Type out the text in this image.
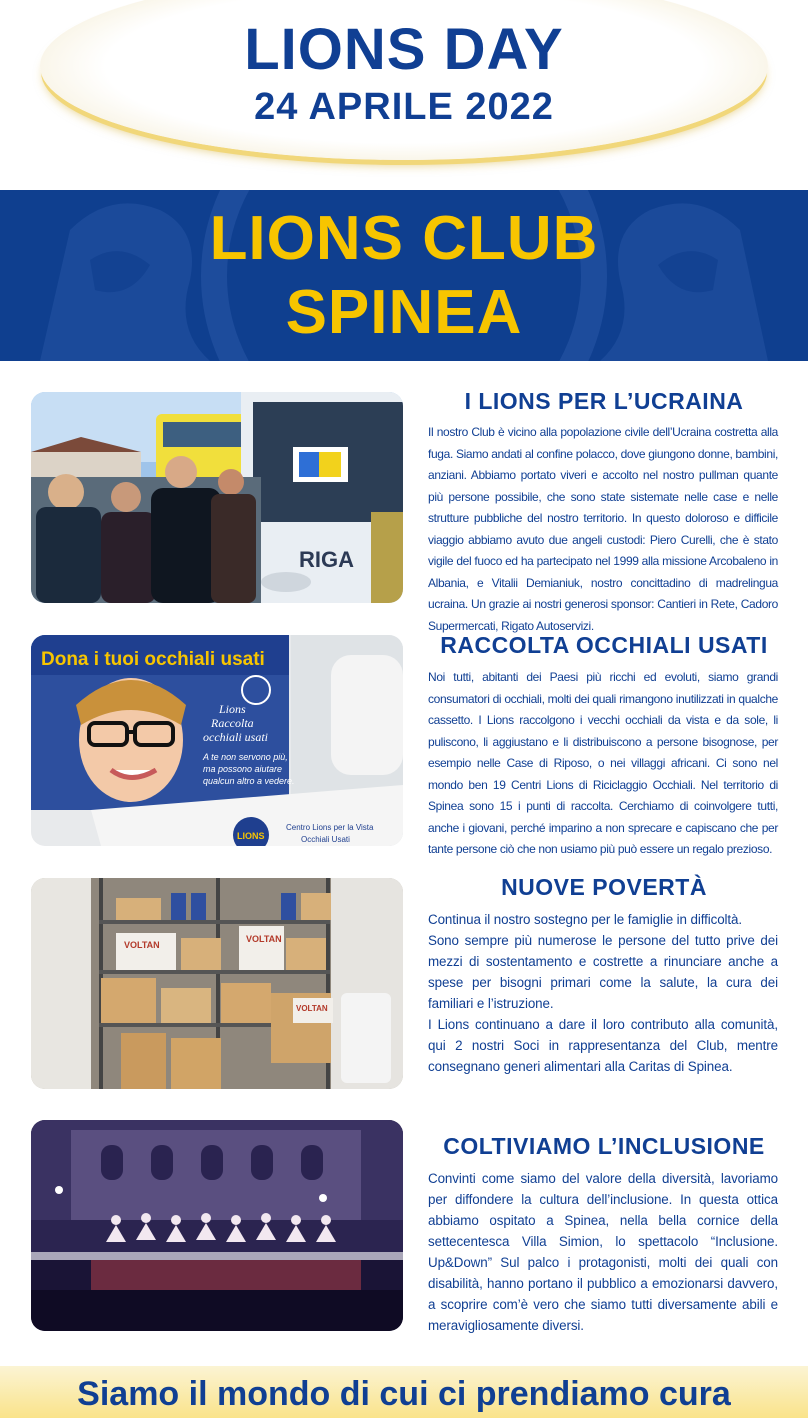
LIONS DAY
24 APRILE 2022
LIONS CLUB
SPINEA
RIGA
I LIONS PER L’UCRAINA
Il nostro Club è vicino alla popolazione civile dell’Ucraina costretta alla fuga. Siamo andati al confine polacco, dove giungono donne, bambini, anziani. Abbiamo portato viveri e accolto nel nostro pullman quante più persone possibile, che sono state sistemate nelle case e nelle strutture pubbliche del nostro territorio. In questo doloroso e difficile viaggio abbiamo avuto due angeli custodi: Piero Curelli, che è stato vigile del fuoco ed ha partecipato nel 1999 alla missione Arcobaleno in Albania, e Vitalii Demianiuk, nostro concittadino di madrelingua ucraina. Un grazie ai nostri generosi sponsor: Cantieri in Rete, Cadoro Supermercati, Rigato Autoservizi.
Dona i tuoi occhiali usati
Lions
Raccolta
occhiali usati
A te non servono più,
ma possono aiutare
qualcun altro a vedere.
LIONS
Centro Lions per la Vista
Occhiali Usati
RACCOLTA OCCHIALI USATI
Noi tutti, abitanti dei Paesi più ricchi ed evoluti, siamo grandi consumatori di occhiali, molti dei quali rimangono inutilizzati in qualche cassetto. I Lions raccolgono i vecchi occhiali da vista e da sole, li puliscono, li aggiustano e li distribuiscono a persone bisognose, per esempio nelle Case di Riposo, o nei villaggi africani. Ci sono nel mondo ben 19 Centri Lions di Riciclaggio Occhiali. Nel territorio di Spinea sono 15 i punti di raccolta. Cerchiamo di coinvolgere tutti, anche i giovani, perché imparino a non sprecare e capiscano che per tante persone ciò che non usiamo più può essere un regalo prezioso.
VOLTAN
VOLTAN
VOLTAN
NUOVE POVERTÀ
Continua il nostro sostegno per le famiglie in difficoltà.
Sono sempre più numerose le persone del tutto prive dei mezzi di sostentamento e costrette a rinunciare anche a spese per bisogni primari come la salute, la cura dei familiari e l’istruzione.
I Lions continuano a dare il loro contributo alla comunità, qui 2 nostri Soci in rappresentanza del Club, mentre consegnano generi alimentari alla Caritas di Spinea.
COLTIVIAMO L’INCLUSIONE
Convinti come siamo del valore della diversità, lavoriamo per diffondere la cultura dell’inclusione. In questa ottica abbiamo ospitato a Spinea, nella bella cornice della settecentesca Villa Simion, lo spettacolo “Inclusione. Up&Down” Sul palco i protagonisti, molti dei quali con disabilità, hanno portano il pubblico a emozionarsi davvero, a scoprire com’è vero che siamo tutti diversamente abili e meravigliosamente diversi.
Siamo il mondo di cui ci prendiamo cura
